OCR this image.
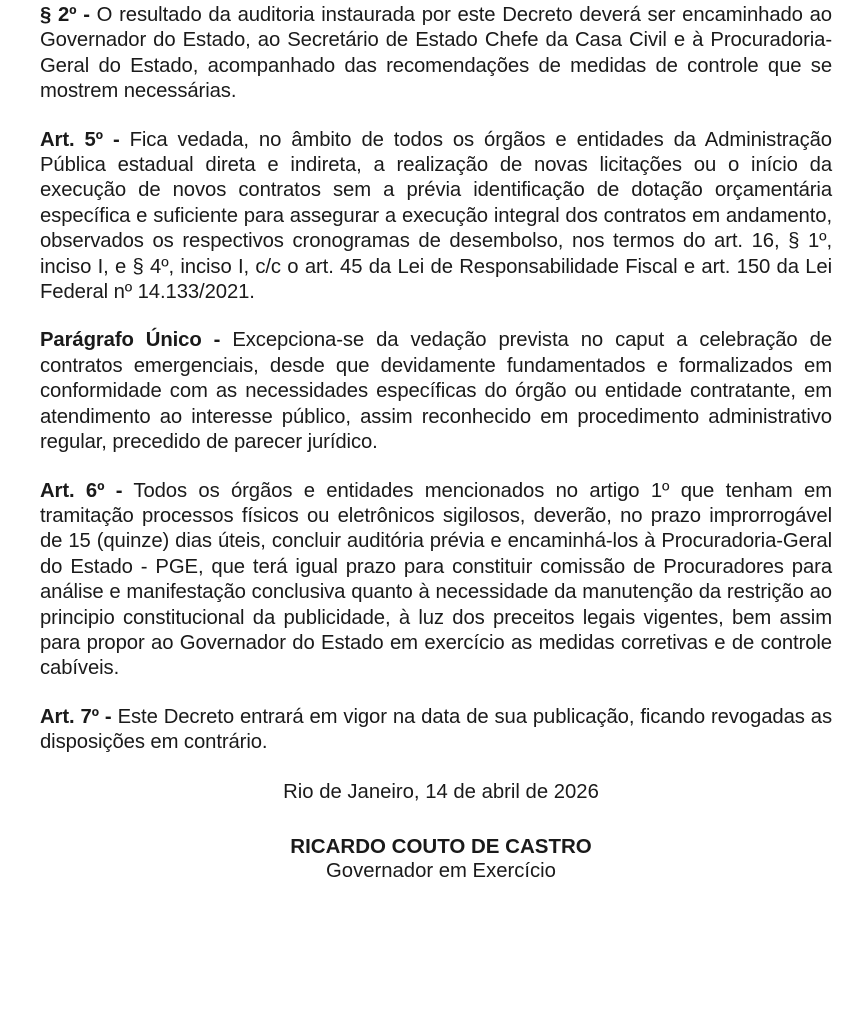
§ 2º - O resultado da auditoria instaurada por este Decreto deverá ser encaminhado ao Governador do Estado, ao Secretário de Estado Chefe da Casa Civil e à Procuradoria-Geral do Estado, acompanhado das recomendações de medidas de controle que se mostrem necessárias.

Art. 5º - Fica vedada, no âmbito de todos os órgãos e entidades da Administração Pública estadual direta e indireta, a realização de novas licitações ou o início da execução de novos contratos sem a prévia identificação de dotação orçamentária específica e suficiente para assegurar a execução integral dos contratos em andamento, observados os respectivos cronogramas de desembolso, nos termos do art. 16, § 1º, inciso I, e § 4º, inciso I, c/c o art. 45 da Lei de Responsabilidade Fiscal e art. 150 da Lei Federal nº 14.133/2021.

Parágrafo Único - Excepciona-se da vedação prevista no caput a celebração de contratos emergenciais, desde que devidamente fundamentados e formalizados em conformidade com as necessidades específicas do órgão ou entidade contratante, em atendimento ao interesse público, assim reconhecido em procedimento administrativo regular, precedido de parecer jurídico.

Art. 6º - Todos os órgãos e entidades mencionados no artigo 1º que tenham em tramitação processos físicos ou eletrônicos sigilosos, deverão, no prazo improrrogável de 15 (quinze) dias úteis, concluir auditória prévia e encaminhá-los à Procuradoria-Geral do Estado - PGE, que terá igual prazo para constituir comissão de Procuradores para análise e manifestação conclusiva quanto à necessidade da manutenção da restrição ao principio constitucional da publicidade, à luz dos preceitos legais vigentes, bem assim para propor ao Governador do Estado em exercício as medidas corretivas e de controle cabíveis.

Art. 7º - Este Decreto entrará em vigor na data de sua publicação, ficando revogadas as disposições em contrário.

Rio de Janeiro, 14 de abril de 2026

RICARDO COUTO DE CASTRO

Governador em Exercício
